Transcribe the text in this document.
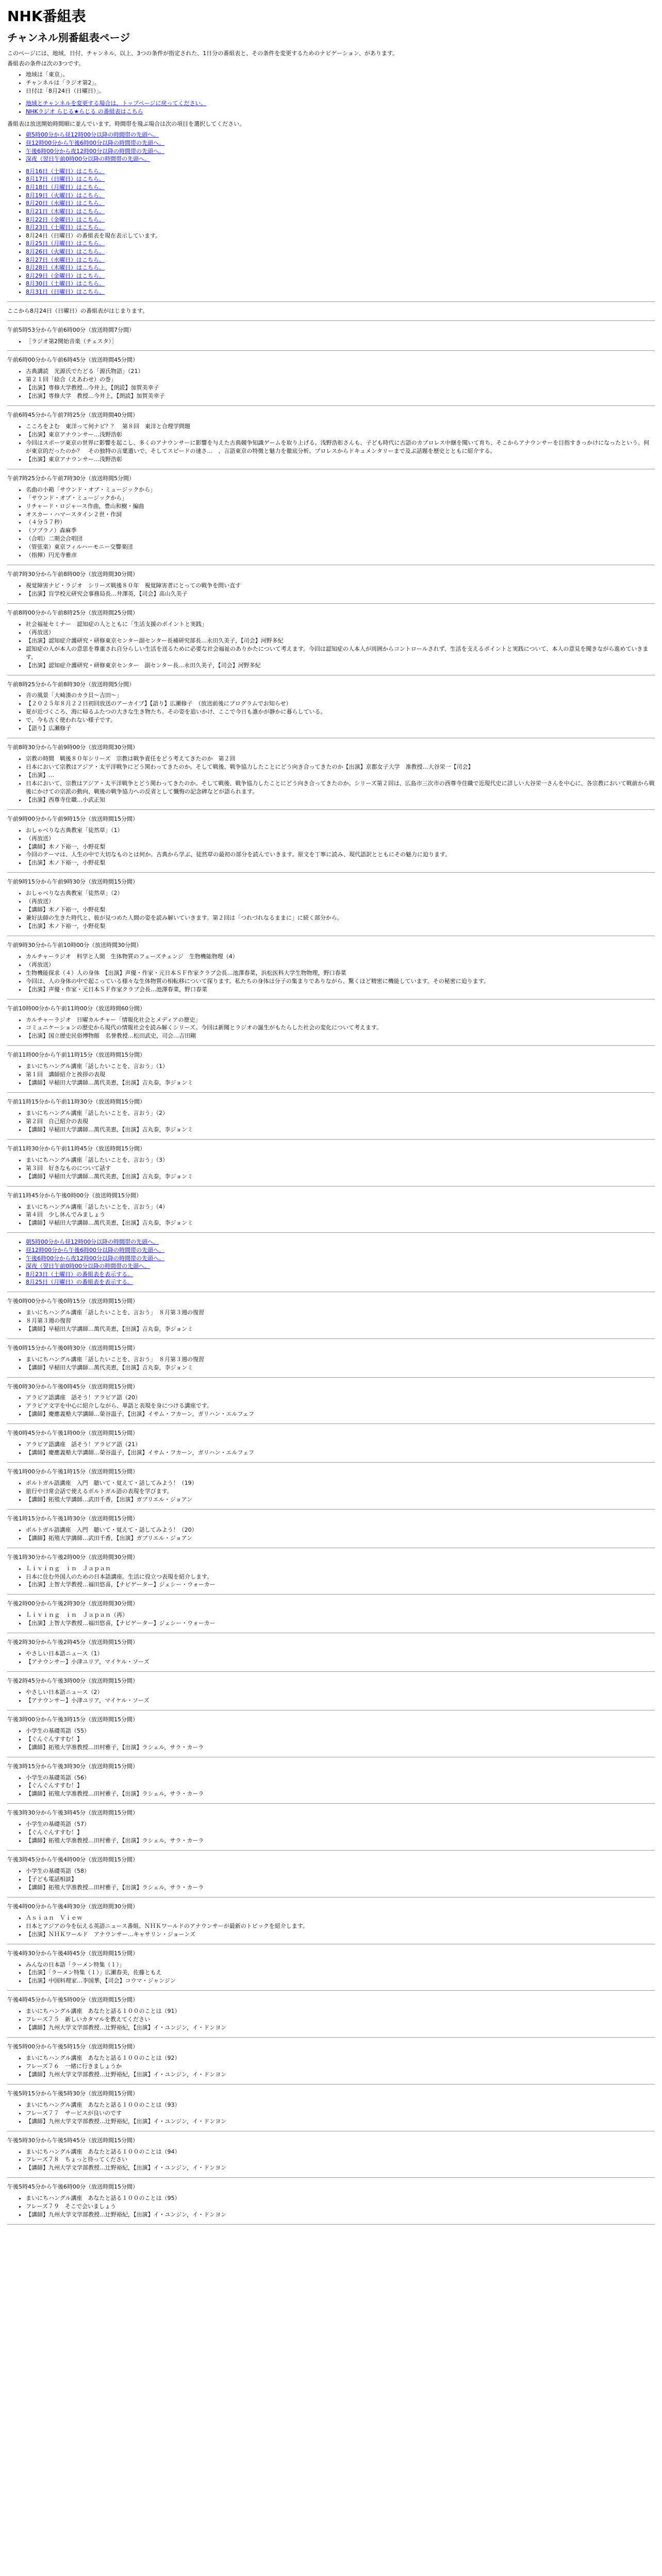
NHK番組表
チャンネル別番組表ページ

このページには、地域、日付、チャンネル、以上、3つの条件が指定された、1日分の番組表と、その条件を変更するためのナビゲーション、があります。

番組表の条件は次の3つです。

• 地域は「東京」。
• チャンネルは「ラジオ第2」。
• 日付は「8月24日（日曜日）」。
• 地域とチャンネルを変更する場合は、トップページに戻ってください。
• NHKラジオ らじる★らじる の番組表はこちら

番組表は放送開始時間順に並んでいます。時間帯を飛ぶ場合は次の項目を選択してください。

• 朝5時00分から昼12時00分以降の時間帯の先頭へ。
• 昼12時00分から午後6時00分以降の時間帯の先頭へ。
• 午後6時00分から夜12時00分以降の時間帯の先頭へ。
• 深夜（翌日午前0時00分以降の時間帯の先頭へ。
• 8月16日（土曜日）はこちら。
• 8月17日（日曜日）はこちら。
• 8月18日（月曜日）はこちら。
• 8月19日（火曜日）はこちら。
• 8月20日（水曜日）はこちら。
• 8月21日（木曜日）はこちら。
• 8月22日（金曜日）はこちら。
• 8月23日（土曜日）はこちら。
• 8月24日（日曜日）の番組表を現在表示しています。
• 8月25日（月曜日）はこちら。
• 8月26日（火曜日）はこちら。
• 8月27日（水曜日）はこちら。
• 8月28日（木曜日）はこちら。
• 8月29日（金曜日）はこちら。
• 8月30日（土曜日）はこちら。
• 8月31日（日曜日）はこちら。

ここから8月24日（日曜日）の番組表がはじまります。

午前5時53分から午前6時00分（放送時間7分間）

• ［ラジオ第2開始音楽（チェスタ）］

午前6時00分から午前6時45分（放送時間45分間）

• 古典講読　光源氏でたどる「源氏物語」（21）
• 第２１回「絵合（えあわせ）の巻」
• 【出演】専修大学教授…今井上，【朗読】加賀美幸子
• 【出演】専修大学　教授…今井上，【朗読】加賀美幸子

午前6時45分から午前7時25分（放送時間40分間）

• こころをよむ　東洋って何ナビ？？　第８回　東洋と合理学問題
• 【出演】東京アナウンサー…浅野浩彰
• 今回はスポーツ東京の世界に影響を起こし、多くのアナウンサーに影響を与えた古典競争知識ゲームを取り上げる。浅野浩彰さんも、子ども時代に古語のカプロレス中継を聞いて育ち、そこからアナウンサーを目指すきっかけになったという。何が東京的だったのか？　その独特の言葉遣いで、そしてスピードの速さ…　、言語東京の特徴と魅力を徹底分析。プロレスからドキュメンタリーまで及ぶ話題を歴史とともに紹介する。
• 【出演】東京アナウンサー…浅野浩彰

午前7時25分から午前7時30分（放送時間5分間）

• 名曲の小箱「サウンド・オブ・ミュージックから」
• 「サウンド・オブ・ミュージックから」
• リチャード・ロジャース作曲，豊山和樹・編曲
• オスカー・ハマースタイン２世・作詞
• （４分５７秒）
• （ソプラノ）森麻季
• （合唱）二期会合唱団
• （管弦楽）東京フィルハーモニー交響楽団
• （指揮）円光寺雅彦

午前7時30分から午前8時00分（放送時間30分間）

• 視覚障害ナビ・ラジオ　シリーズ戦後８０年　視覚障害者にとっての戦争を問い直す
• 【出演】盲学校元研究会事務局長…井澤英，【司会】高山久美子

午前8時00分から午前8時25分（放送時間25分間）

• 社会福祉セミナー　認知症の人とともに「生活支援のポイントと実践」
• （再放送）
• 【出演】認知症介護研究・研修東京センター副センター長補研究部長…永田久美子，【司会】河野多紀
• 認知症の人が本人の意思を尊重され自分らしい生活を送るために必要な社会福祉のありかたについて考えます。今回は認知症の人本人が周囲からコントロールされず、生活を支えるポイントと実践について、本人の意見を聞きながら進めていきます。
• 【出演】認知症介護研究・研修東京センター　副センター長…永田久美子，【司会】河野多紀

午前8時25分から午前8時30分（放送時間5分間）

• 音の風景「大崎湊のカラ貝～吉田～」
• 【２０２５年８月２２日初回放送のアーカイブ】【語り】広瀬修子　（放送前後にプログラムでお知らせ）
• 夏が近づくころ、海に帰るふたつの大きな生き物たち。その姿を追いかけ、ここで今日も誰かが静かに暮らしている。
• で、今も古く使われない様子です。
• 【語り】広瀬修子

午前8時30分から午前9時00分（放送時間30分間）

• 宗教の時間　戦後８０年シリーズ　宗教は戦争責任をどう考えてきたのか　第２回
• 日本において宗教はアジア・太平洋戦争にどう関わってきたのか。そして戦後、戦争協力したことにどう向き合ってきたのか【出演】京都女子大学　准教授…大谷栄一【司会】
• 【出演】…
• 日本において、宗教はアジア・太平洋戦争とどう関わってきたのか。そして戦後、戦争協力したことにどう向き合ってきたのか。シリーズ第２回は、広島市三次市の西尊寺住職で近現代史に詳しい大谷栄一さんを中心に、各宗教において戦前から戦後にかけての宗派の動向、戦後の戦争協力への反省として懺悔の記念碑などが語られます。
• 【出演】西尊寺住職…小武正知

午前9時00分から午前9時15分（放送時間15分間）

• おしゃべりな古典教室「徒然草」（1）
• （再放送）
• 【講師】木ノ下裕一，小野花梨
• 今回のテーマは、人生の中で大切なものとは何か。古典から学ぶ、徒然草の最初の部分を読んでいきます。原文を丁寧に読み、現代語訳とともにその魅力に迫ります。
• 【出演】木ノ下裕一，小野花梨

午前9時15分から午前9時30分（放送時間15分間）

• おしゃべりな古典教室「徒然草」（2）
• （再放送）
• 【講師】木ノ下裕一，小野花梨
• 兼好法師の生きた時代と、彼が見つめた人間の姿を読み解いていきます。第２回は「つれづれなるままに」に続く部分から。
• 【出演】木ノ下裕一，小野花梨

午前9時30分から午前10時00分（放送時間30分間）

• カルチャーラジオ　科学と人間　生体物質のフェーズチェンジ　生物機能物理（4）
• （再放送）
• 生物機能探求（４）人の身体　【出演】声優・作家・元日本ＳＦ作家クラブ会長…池澤春菜，浜松医科大学生物物理，野口春菜
• 今回は、人の身体の中で起こっている様々な生体物質の相転移について探ります。私たちの身体は分子の集まりでありながら、驚くほど精密に機能しています。その秘密に迫ります。
• 【出演】声優・作家・元日本ＳＦ作家クラブ会長…池澤春菜，野口春菜

午前10時00分から午前11時00分（放送時間60分間）

• カルチャーラジオ　日曜カルチャー「情報化社会とメディアの歴史」
• コミュニケーションの歴史から現代の情報社会を読み解くシリーズ。今回は新聞とラジオの誕生がもたらした社会の変化について考えます。
• 【出演】国立歴史民俗博物館　名誉教授…松田武史，司会…吉田剛

午前11時00分から午前11時15分（放送時間15分間）

• まいにちハングル講座「話したいことを、言おう」（1）
• 第１回　講師紹介と挨拶の表現
• 【講師】早稲田大学講師…萬代美恵，【出演】吉丸泰，李ジョンミ

午前11時15分から午前11時30分（放送時間15分間）

• まいにちハングル講座「話したいことを、言おう」（2）
• 第２回　自己紹介の表現
• 【講師】早稲田大学講師…萬代美恵，【出演】吉丸泰，李ジョンミ

午前11時30分から午前11時45分（放送時間15分間）

• まいにちハングル講座「話したいことを、言おう」（3）
• 第３回　好きなものについて話す
• 【講師】早稲田大学講師…萬代美恵，【出演】吉丸泰，李ジョンミ

午前11時45分から午後0時00分（放送時間15分間）

• まいにちハングル講座「話したいことを、言おう」（4）
• 第４回　少し休んでみましょう
• 【講師】早稲田大学講師…萬代美恵，【出演】吉丸泰，李ジョンミ
• 朝5時00分から昼12時00分以降の時間帯の先頭へ。
• 昼12時00分から午後6時00分以降の時間帯の先頭へ。
• 午後6時00分から夜12時00分以降の時間帯の先頭へ。
• 深夜（翌日午前0時00分以降の時間帯の先頭へ。
• 8月23日（土曜日）の番組表を表示する。
• 8月25日（月曜日）の番組表を表示する。

午後0時00分から午後0時15分（放送時間15分間）

• まいにちハングル講座「話したいことを、言おう」　８月第３週の復習
• ８月第３週の復習
• 【講師】早稲田大学講師…萬代美恵，【出演】吉丸泰，李ジョンミ

午後0時15分から午後0時30分（放送時間15分間）

• まいにちハングル講座「話したいことを、言おう」　８月第３週の復習
• 【講師】早稲田大学講師…萬代美恵，【出演】吉丸泰，李ジョンミ

午後0時30分から午後0時45分（放送時間15分間）

• アラビア語講座　話そう！アラビア語（20）
• アラビア文字を中心に紹介しながら、単語と表現を身につける講座です。
• 【講師】慶應義塾大学講師…榮谷温子，【出演】イサム・フカーン，ガリハン・エルフェフ

午後0時45分から午後1時00分（放送時間15分間）

• アラビア語講座　話そう！アラビア語（21）
• 【講師】慶應義塾大学講師…榮谷温子，【出演】イサム・フカーン，ガリハン・エルフェフ

午後1時00分から午後1時15分（放送時間15分間）

• ポルトガル語講座　入門　聴いて・覚えて・話してみよう！（19）
• 旅行や日常会話で使えるポルトガル語の表現を学びます。
• 【講師】拓殖大学講師…武田千香，【出演】ガブリエル・ジョアン

午後1時15分から午後1時30分（放送時間15分間）

• ポルトガル語講座　入門　聴いて・覚えて・話してみよう！（20）
• 【講師】拓殖大学講師…武田千香，【出演】ガブリエル・ジョアン

午後1時30分から午後2時00分（放送時間30分間）

• Ｌｉｖｉｎｇ　ｉｎ　Ｊａｐａｎ
• 日本に住む外国人のための日本語講座。生活に役立つ表現を紹介します。
• 【出演】上智大学教授…福田悠喜，【ナビゲーター】ジェシー・ウォーカー

午後2時00分から午後2時30分（放送時間30分間）

• Ｌｉｖｉｎｇ　ｉｎ　Ｊａｐａｎ（再）
• 【出演】上智大学教授…福田悠喜，【ナビゲーター】ジェシー・ウォーカー

午後2時30分から午後2時45分（放送時間15分間）

• やさしい日本語ニュース（1）
• 【アナウンサー】小津ユリア，マイケル・ソーズ

午後2時45分から午後3時00分（放送時間15分間）

• やさしい日本語ニュース（2）
• 【アナウンサー】小津ユリア，マイケル・ソーズ

午後3時00分から午後3時15分（放送時間15分間）

• 小学生の基礎英語（55）
• 【ぐんぐんすすむ！】
• 【講師】拓殖大学准教授…田村雅子，【出演】ラシェル，サラ・カーラ

午後3時15分から午後3時30分（放送時間15分間）

• 小学生の基礎英語（56）
• 【ぐんぐんすすむ！】
• 【講師】拓殖大学准教授…田村雅子，【出演】ラシェル，サラ・カーラ

午後3時30分から午後3時45分（放送時間15分間）

• 小学生の基礎英語（57）
• 【ぐんぐんすすむ！】
• 【講師】拓殖大学准教授…田村雅子，【出演】ラシェル，サラ・カーラ

午後3時45分から午後4時00分（放送時間15分間）

• 小学生の基礎英語（58）
• 【子ども電話相談】
• 【講師】拓殖大学准教授…田村雅子，【出演】ラシェル，サラ・カーラ

午後4時00分から午後4時30分（放送時間30分間）

• Ａｓｉａｎ　Ｖｉｅｗ
• 日本とアジアの今を伝える英語ニュース番組。ＮＨＫワールドのアナウンサーが最新のトピックを紹介します。
• 【出演】ＮＨＫワールド　アナウンサー…キャサリン・ジョーンズ

午後4時30分から午後4時45分（放送時間15分間）

• みんなの日本語「ラーメン特集（１）」
• 【出演】「ラーメン特集（１）」広瀬春美，佐藤ともえ
• 【出演】中国料理家…李国華，【司会】コウマ・ジャンジン

午後4時45分から午後5時00分（放送時間15分間）

• まいにちハングル講座　あなたと話る１００のことは（91）
• フレーズ７５　新しいカタマルを教えてください
• 【講師】九州大学文学部教授…辻野裕紀，【出演】イ・ユンジン，イ・ドンヨン

午後5時00分から午後5時15分（放送時間15分間）

• まいにちハングル講座　あなたと話る１００のことは（92）
• フレーズ７６　一緒に行きましょうか
• 【講師】九州大学文学部教授…辻野裕紀，【出演】イ・ユンジン，イ・ドンヨン

午後5時15分から午後5時30分（放送時間15分間）

• まいにちハングル講座　あなたと話る１００のことは（93）
• フレーズ７７　サービスが良いのです
• 【講師】九州大学文学部教授…辻野裕紀，【出演】イ・ユンジン，イ・ドンヨン

午後5時30分から午後5時45分（放送時間15分間）

• まいにちハングル講座　あなたと話る１００のことは（94）
• フレーズ７８　ちょっと待ってください
• 【講師】九州大学文学部教授…辻野裕紀，【出演】イ・ユンジン，イ・ドンヨン

午後5時45分から午後6時00分（放送時間15分間）

• まいにちハングル講座　あなたと話る１００のことは（95）
• フレーズ７９　そこで会いましょう
• 【講師】九州大学文学部教授…辻野裕紀，【出演】イ・ユンジン，イ・ドンヨン
